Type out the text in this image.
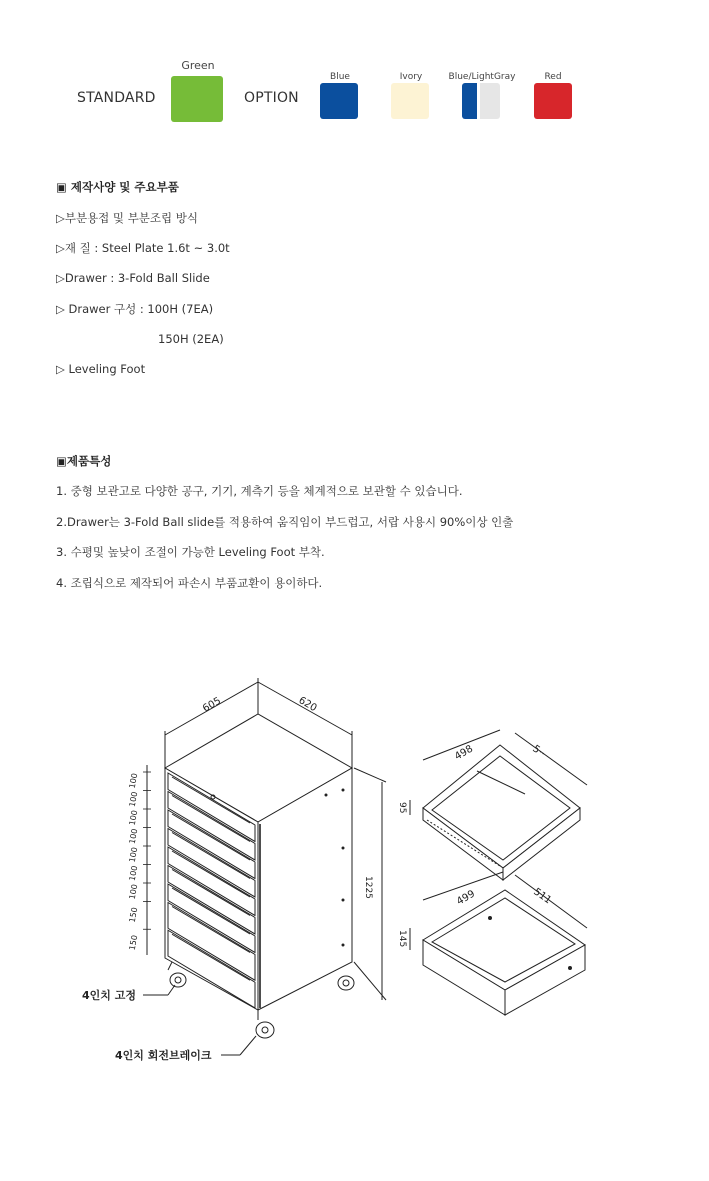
STANDARD
Green
OPTION
Blue	Ivory	Blue/LightGray	Red
▣ 제작사양 및 주요부품
▷부분용접 및 부분조립 방식
▷재 질 : Steel Plate 1.6t ~ 3.0t
▷Drawer : 3-Fold Ball Slide
▷ Drawer 구성 : 100H (7EA)
150H (2EA)
▷ Leveling Foot
▣제품특성
1. 중형 보관고로 다양한 공구, 기기, 계측기 등을 체계적으로 보관할 수 있습니다.
2.Drawer는 3-Fold Ball slide를 적용하여 움직임이 부드럽고, 서랍 사용시 90%이상 인출
3. 수평및 높낮이 조절이 가능한 Leveling Foot 부착.
4. 조립식으로 제작되어 파손시 부품교환이 용이하다.
100
100
100
100
100
100
100
150
150
4인치 고정
4인치 회전브레이크
605	620
1225
498	5··
95
499	511
145
